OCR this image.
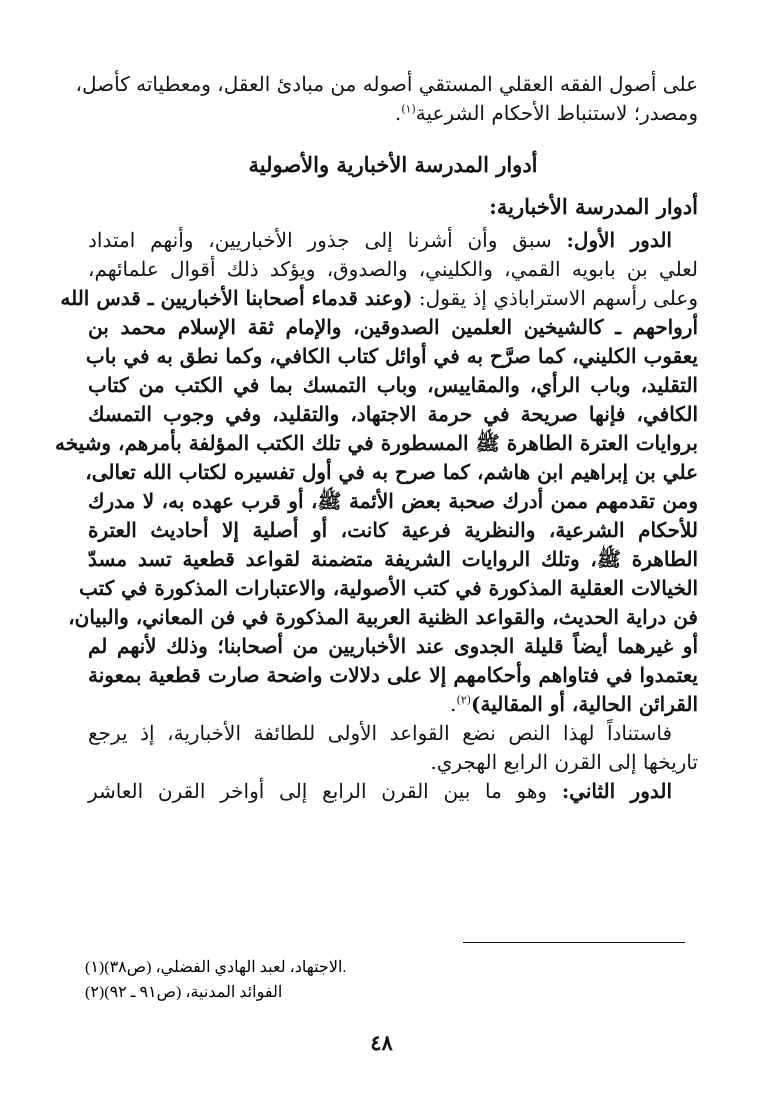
على أصول الفقه العقلي المستقي أصوله من مبادئ العقل، ومعطياته كأصل،
ومصدر؛ لاستنباط الأحكام الشرعية$^{(١)}$.

أدوار المدرسة الأخبارية والأصولية
أدوار المدرسة الأخبارية:

الدور الأول: سبق وأن أشرنا إلى جذور الأخباريين، وأنهم امتداد
لعلي بن بابويه القمي، والكليني، والصدوق، ويؤكد ذلك أقوال علمائهم،
وعلى رأسهم الاستراباذي إذ يقول: (وعند قدماء أصحابنا الأخباريين ـ قدس الله
أرواحهم ـ كالشيخين العلمين الصدوقين، والإمام ثقة الإسلام محمد بن
يعقوب الكليني، كما صرَّح به في أوائل كتاب الكافي، وكما نطق به في باب
التقليد، وباب الرأي، والمقاييس، وباب التمسك بما في الكتب من كتاب
الكافي، فإنها صريحة في حرمة الاجتهاد، والتقليد، وفي وجوب التمسك
بروايات العترة الطاهرة ﷺ المسطورة في تلك الكتب المؤلفة بأمرهم، وشيخه
علي بن إبراهيم ابن هاشم، كما صرح به في أول تفسيره لكتاب الله تعالى،
ومن تقدمهم ممن أدرك صحبة بعض الأئمة ﷺ، أو قرب عهده به، لا مدرك
للأحكام الشرعية، والنظرية فرعية كانت، أو أصلية إلا أحاديث العترة
الطاهرة ﷺ، وتلك الروايات الشريفة متضمنة لقواعد قطعية تسد مسدّ
الخيالات العقلية المذكورة في كتب الأصولية، والاعتبارات المذكورة في كتب
فن دراية الحديث، والقواعد الظنية العربية المذكورة في فن المعاني، والبيان،
أو غيرهما أيضاً قليلة الجدوى عند الأخباريين من أصحابنا؛ وذلك لأنهم لم
يعتمدوا في فتاواهم وأحكامهم إلا على دلالات واضحة صارت قطعية بمعونة
القرائن الحالية، أو المقالية)$^{(٢)}$.

فاستناداً لهذا النص نضع القواعد الأولى للطائفة الأخبارية، إذ يرجع
تاريخها إلى القرن الرابع الهجري.

الدور الثاني: وهو ما بين القرن الرابع إلى أواخر القرن العاشر

(١)الاجتهاد، لعبد الهادي الفضلي، (ص٣٨).
(٢)الفوائد المدنية، (ص٩١ ـ ٩٢)
٤٨
